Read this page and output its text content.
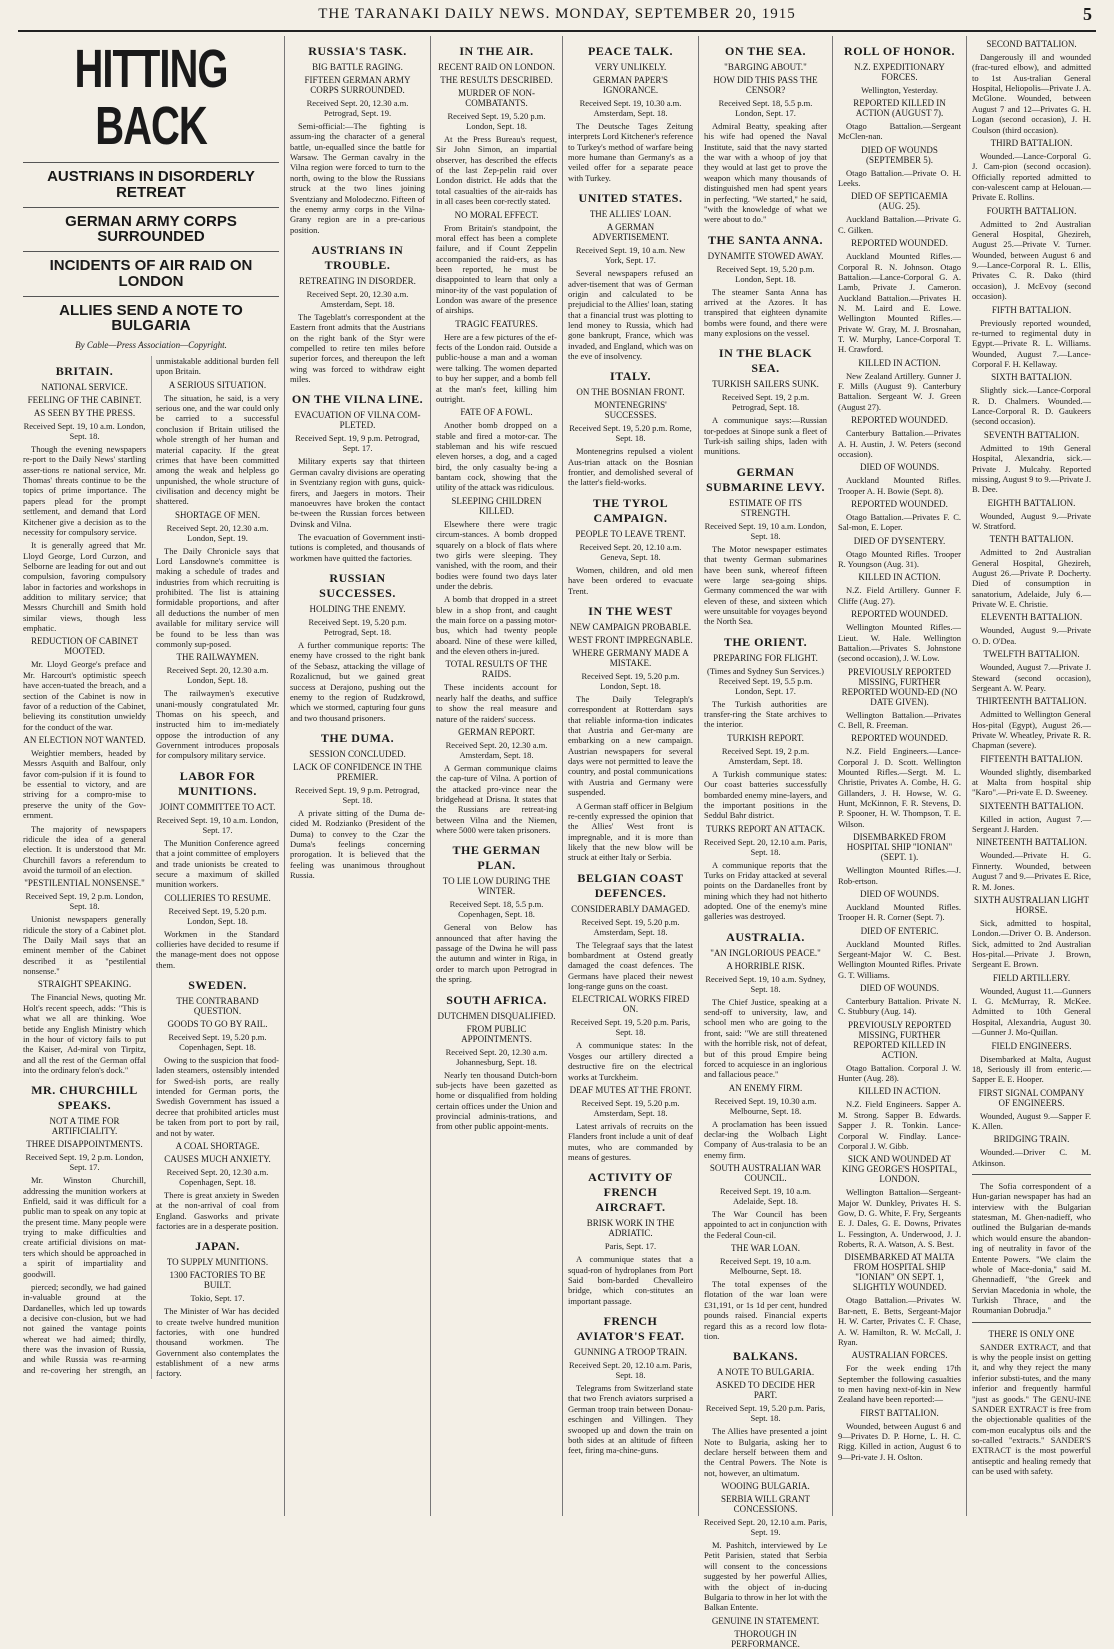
THE TARANAKI DAILY NEWS. MONDAY, SEPTEMBER 20, 1915	5
HITTING BACK
AUSTRIANS IN DISORDERLY RETREAT
GERMAN ARMY CORPS SURROUNDED
INCIDENTS OF AIR RAID ON LONDON
ALLIES SEND A NOTE TO BULGARIA
By Cable—Press Association—Copyright.
BRITAIN.
NATIONAL SERVICE.
FEELING OF THE CABINET.
AS SEEN BY THE PRESS.
Received Sept. 19, 10 a.m. London, Sept. 18.

Though the evening newspapers re-port to the Daily News' startling asser-tions re national service, Mr. Thomas' threats continue to be the topics of prime importance. The papers plead for the prompt settlement, and demand that Lord Kitchener give a decision as to the necessity for compulsory service.

It is generally agreed that Mr. Lloyd George, Lord Curzon, and Selborne are leading for out and out compulsion, favoring compulsory labor in factories and workshops in addition to military service; that Messrs Churchill and Smith hold similar views, though less emphatic.

REDUCTION OF CABINET MOOTED.

Mr. Lloyd George's preface and Mr. Harcourt's optimistic speech have accen-tuated the breach, and a section of the Cabinet is now in favor of a reduction of the Cabinet, believing its constitution unwieldy for the conduct of the war.

AN ELECTION NOT WANTED.

Weightier members, headed by Messrs Asquith and Balfour, only favor com-pulsion if it is found to be essential to victory, and are striving for a compro-mise to preserve the unity of the Gov-ernment.

The majority of newspapers ridicule the idea of a general election. It is understood that Mr. Churchill favors a referendum to avoid the turmoil of an election.

"PESTILENTIAL NONSENSE."
Received Sept. 19, 2 p.m. London, Sept. 18.

Unionist newspapers generally ridicule the story of a Cabinet plot. The Daily Mail says that an eminent member of the Cabinet described it as "pestilential nonsense."

STRAIGHT SPEAKING.

The Financial News, quoting Mr. Holt's recent speech, adds: "This is what we all are thinking. Woe betide any English Ministry which in the hour of victory fails to put the Kaiser, Ad-miral von Tirpitz, and all the rest of the German offal into the ordinary felon's dock."

MR. CHURCHILL SPEAKS.
NOT A TIME FOR ARTIFICIALITY.
THREE DISAPPOINTMENTS.
Received Sept. 19, 2 p.m. London, Sept. 17.

Mr. Winston Churchill, addressing the munition workers at Enfield, said it was difficult for a public man to speak on any topic at the present time. Many people were trying to make difficulties and create artificial divisions on mat-ters which should be approached in a spirit of impartiality and goodwill.

pierced; secondly, we had gained in-valuable ground at the Dardanelles, which led up towards a decisive con-clusion, but we had not gained the vantage points whereat we had aimed; thirdly, there was the invasion of Russia, and while Russia was re-arming and re-covering her strength, an unmistakable additional burden fell upon Britain.

A SERIOUS SITUATION.

The situation, he said, is a very serious one, and the war could only be carried to a successful conclusion if Britain utilised the whole strength of her human and material capacity. If the great crimes that have been committed among the weak and helpless go unpunished, the whole structure of civilisation and decency might be shattered.

SHORTAGE OF MEN.
Received Sept. 20, 12.30 a.m. London, Sept. 19.

The Daily Chronicle says that Lord Lansdowne's committee is making a schedule of trades and industries from which recruiting is prohibited. The list is attaining formidable proportions, and after all deductions the number of men available for military service will be found to be less than was commonly sup-posed.

THE RAILWAYMEN.
Received Sept. 20, 12.30 a.m. London, Sept. 18.

The railwaymen's executive unani-mously congratulated Mr. Thomas on his speech, and instructed him to im-mediately oppose the introduction of any Government introduces proposals for compulsory military service.

LABOR FOR MUNITIONS.
JOINT COMMITTEE TO ACT.
Received Sept. 19, 10 a.m. London, Sept. 17.

The Munition Conference agreed that a joint committee of employers and trade unionists be created to secure a maximum of skilled munition workers.

COLLIERIES TO RESUME.
Received Sept. 19, 5.20 p.m. London, Sept. 18.

Workmen in the Standard collieries have decided to resume if the manage-ment does not oppose them.

SWEDEN.
THE CONTRABAND QUESTION.
GOODS TO GO BY RAIL.
Received Sept. 19, 5.20 p.m. Copenhagen, Sept. 18.

Owing to the suspicion that food-laden steamers, ostensibly intended for Swed-ish ports, are really intended for German ports, the Swedish Government has issued a decree that prohibited articles must be taken from port to port by rail, and not by water.

A COAL SHORTAGE.
CAUSES MUCH ANXIETY.
Received Sept. 20, 12.30 a.m. Copenhagen, Sept. 18.

There is great anxiety in Sweden at the non-arrival of coal from England. Gasworks and private factories are in a desperate position.

JAPAN.
TO SUPPLY MUNITIONS.
1300 FACTORIES TO BE BUILT.
Tokio, Sept. 17.

The Minister of War has decided to create twelve hundred munition factories, with one hundred thousand workmen. The Government also contemplates the establishment of a new arms factory.

RUSSIA'S TASK.
BIG BATTLE RAGING.
FIFTEEN GERMAN ARMY CORPS SURROUNDED.
Received Sept. 20, 12.30 a.m. Petrograd, Sept. 19.

Semi-official:—The fighting is assum-ing the character of a general battle, un-equalled since the battle for Warsaw. The German cavalry in the Vilna region were forced to turn to the north, owing to the blow the Russians struck at the two lines joining Sventziany and Molodeczno. Fifteen of the enemy army corps in the Vilna-Grany region are in a pre-carious position.

AUSTRIANS IN TROUBLE.
RETREATING IN DISORDER.
Received Sept. 20, 12.30 a.m. Amsterdam, Sept. 18.

The Tageblatt's correspondent at the Eastern front admits that the Austrians on the right bank of the Styr were compelled to retire ten miles before superior forces, and thereupon the left wing was forced to withdraw eight miles.

ON THE VILNA LINE.
EVACUATION OF VILNA COM-PLETED.
Received Sept. 19, 9 p.m. Petrograd, Sept. 17.

Military experts say that thirteen German cavalry divisions are operating in Sventziany region with guns, quick-firers, and Jaegers in motors. Their manoeuvres have broken the contact be-tween the Russian forces between Dvinsk and Vilna.

The evacuation of Government insti-tutions is completed, and thousands of workmen have quitted the factories.

RUSSIAN SUCCESSES.
HOLDING THE ENEMY.
Received Sept. 19, 5.20 p.m. Petrograd, Sept. 18.

A further communique reports: The enemy have crossed to the right bank of the Sebasz, attacking the village of Rozalicnud, but we gained great success at Derajono, pushing out the enemy to the region of Rudzkrowd, which we stormed, capturing four guns and two thousand prisoners.

THE DUMA.
SESSION CONCLUDED.
LACK OF CONFIDENCE IN THE PREMIER.
Received Sept. 19, 9 p.m. Petrograd, Sept. 18.

A private sitting of the Duma de-cided M. Rodzianko (President of the Duma) to convey to the Czar the Duma's feelings concerning prorogation. It is believed that the feeling was unanimous throughout Russia.

IN THE AIR.
RECENT RAID ON LONDON.
THE RESULTS DESCRIBED.
MURDER OF NON-COMBATANTS.
Received Sept. 19, 5.20 p.m. London, Sept. 18.

At the Press Bureau's request, Sir John Simon, an impartial observer, has described the effects of the last Zep-pelin raid over London district. He adds that the total casualties of the air-raids has in all cases been cor-rectly stated.

NO MORAL EFFECT.

From Britain's standpoint, the moral effect has been a complete failure, and if Count Zeppelin accompanied the raid-ers, as has been reported, he must be disappointed to learn that only a minor-ity of the vast population of London was aware of the presence of airships.

TRAGIC FEATURES.

Here are a few pictures of the ef-fects of the London raid. Outside a public-house a man and a woman were talking. The women departed to buy her supper, and a bomb fell at the man's feet, killing him outright.

FATE OF A FOWL.

Another bomb dropped on a stable and fired a motor-car. The stableman and his wife rescued eleven horses, a dog, and a caged bird, the only casualty be-ing a bantam cock, showing that the utility of the attack was ridiculous.

SLEEPING CHILDREN KILLED.

Elsewhere there were tragic circum-stances. A bomb dropped squarely on a block of flats where two girls were sleeping. They vanished, with the room, and their bodies were found two days later under the debris.

A bomb that dropped in a street blew in a shop front, and caught the main force on a passing motor-bus, which had twenty people aboard. Nine of these were killed, and the eleven others in-jured.

TOTAL RESULTS OF THE RAIDS.

These incidents account for nearly half the deaths, and suffice to show the real measure and nature of the raiders' success.

GERMAN REPORT.
Received Sept. 20, 12.30 a.m. Amsterdam, Sept. 18.

A German communique claims the cap-ture of Vilna. A portion of the attacked pro-vince near the bridgehead at Drisna. It states that the Russians are retreat-ing between Vilna and the Niemen, where 5000 were taken prisoners.

THE GERMAN PLAN.
TO LIE LOW DURING THE WINTER.
Received Sept. 18, 5.5 p.m. Copenhagen, Sept. 18.

General von Below has announced that after having the passage of the Dwina he will pass the autumn and winter in Riga, in order to march upon Petrograd in the spring.

SOUTH AFRICA.
DUTCHMEN DISQUALIFIED.
FROM PUBLIC APPOINTMENTS.
Received Sept. 20, 12.30 a.m. Johannesburg, Sept. 18.

Nearly ten thousand Dutch-born sub-jects have been gazetted as home or disqualified from holding certain offices under the Union and provincial adminis-trations, and from other public appoint-ments.

PEACE TALK.
VERY UNLIKELY.
GERMAN PAPER'S IGNORANCE.
Received Sept. 19, 10.30 a.m. Amsterdam, Sept. 18.

The Deutsche Tages Zeitung interprets Lord Kitchener's reference to Turkey's method of warfare being more humane than Germany's as a veiled offer for a separate peace with Turkey.

UNITED STATES.
THE ALLIES' LOAN.
A GERMAN ADVERTISEMENT.
Received Sept. 19, 10 a.m. New York, Sept. 17.

Several newspapers refused an adver-tisement that was of German origin and calculated to be prejudicial to the Allies' loan, stating that a financial trust was plotting to lend money to Russia, which had gone bankrupt, France, which was invaded, and England, which was on the eve of insolvency.

ITALY.
ON THE BOSNIAN FRONT.
MONTENEGRINS' SUCCESSES.
Received Sept. 19, 5.20 p.m. Rome, Sept. 18.

Montenegrins repulsed a violent Aus-trian attack on the Bosnian frontier, and demolished several of the latter's field-works.

THE TYROL CAMPAIGN.
PEOPLE TO LEAVE TRENT.
Received Sept. 20, 12.10 a.m. Geneva, Sept. 18.

Women, children, and old men have been ordered to evacuate Trent.

IN THE WEST
NEW CAMPAIGN PROBABLE.
WEST FRONT IMPREGNABLE.
WHERE GERMANY MADE A MISTAKE.
Received Sept. 19, 5.20 p.m. London, Sept. 18.

The Daily Telegraph's correspondent at Rotterdam says that reliable informa-tion indicates that Austria and Ger-many are embarking on a new campaign. Austrian newspapers for several days were not permitted to leave the country, and postal communications with Austria and Germany were suspended.

A German staff officer in Belgium re-cently expressed the opinion that the Allies' West front is impregnable, and it is more than likely that the new blow will be struck at either Italy or Serbia.

BELGIAN COAST DEFENCES.
CONSIDERABLY DAMAGED.
Received Sept. 19, 5.20 p.m. Amsterdam, Sept. 18.

The Telegraaf says that the latest bombardment at Ostend greatly damaged the coast defences. The Germans have placed their newest long-range guns on the coast.

ELECTRICAL WORKS FIRED ON.
Received Sept. 19, 5.20 p.m. Paris, Sept. 18.

A communique states: In the Vosges our artillery directed a destructive fire on the electrical works at Turckheim.

DEAF MUTES AT THE FRONT.
Received Sept. 19, 5.20 p.m. Amsterdam, Sept. 18.

Latest arrivals of recruits on the Flanders front include a unit of deaf mutes, who are commanded by means of gestures.

ACTIVITY OF FRENCH AIRCRAFT.
BRISK WORK IN THE ADRIATIC.
Paris, Sept. 17.

A communique states that a squad-ron of hydroplanes from Port Said bom-barded Chevalleiro bridge, which con-stitutes an important passage.

FRENCH AVIATOR'S FEAT.
GUNNING A TROOP TRAIN.
Received Sept. 20, 12.10 a.m. Paris, Sept. 18.

Telegrams from Switzerland state that two French aviators surprised a German troop train between Donau-eschingen and Villingen. They swooped up and down the train on both sides at an altitude of fifteen feet, firing ma-chine-guns.

ON THE SEA.
"BARGING ABOUT."
HOW DID THIS PASS THE CENSOR?
Received Sept. 18, 5.5 p.m. London, Sept. 17.

Admiral Beatty, speaking after his wife had opened the Naval Institute, said that the navy started the war with a whoop of joy that they would at last get to prove the weapon which many thousands of distinguished men had spent years in perfecting. "We started," he said, "with the knowledge of what we were about to do."

THE SANTA ANNA.
DYNAMITE STOWED AWAY.
Received Sept. 19, 5.20 p.m. London, Sept. 18.

The steamer Santa Anna has arrived at the Azores. It has transpired that eighteen dynamite bombs were found, and there were many explosions on the vessel.

IN THE BLACK SEA.
TURKISH SAILERS SUNK.
Received Sept. 19, 2 p.m. Petrograd, Sept. 18.

A communique says:—Russian tor-pedoes at Sinope sunk a fleet of Turk-ish sailing ships, laden with munitions.

GERMAN SUBMARINE LEVY.
ESTIMATE OF ITS STRENGTH.
Received Sept. 19, 10 a.m. London, Sept. 18.

The Motor newspaper estimates that twenty German submarines have been sunk, whereof fifteen were large sea-going ships. Germany commenced the war with eleven of these, and sixteen which were unsuitable for voyages beyond the North Sea.

THE ORIENT.
PREPARING FOR FLIGHT.
(Times and Sydney Sun Services.) Received Sept. 19, 5.5 p.m. London, Sept. 17.

The Turkish authorities are transfer-ring the State archives to the interior.

TURKISH REPORT.
Received Sept. 19, 2 p.m. Amsterdam, Sept. 18.

A Turkish communique states: Our coast batteries successfully bombarded enemy mine-layers, and the important positions in the Seddul Bahr district.

TURKS REPORT AN ATTACK.
Received Sept. 20, 12.10 a.m. Paris, Sept. 18.

A communique reports that the Turks on Friday attacked at several points on the Dardanelles front by mining which they had not hitherto adopted. One of the enemy's mine galleries was destroyed.

AUSTRALIA.
"AN INGLORIOUS PEACE."
A HORRIBLE RISK.
Received Sept. 19, 10 a.m. Sydney, Sept. 18.

The Chief Justice, speaking at a send-off to university, law, and school men who are going to the front, said: "We are still threatened with the horrible risk, not of defeat, but of this proud Empire being forced to acquiesce in an inglorious and fallacious peace."

AN ENEMY FIRM.
Received Sept. 19, 10.30 a.m. Melbourne, Sept. 18.

A proclamation has been issued declar-ing the Wolbach Light Company of Aus-tralasia to be an enemy firm.

SOUTH AUSTRALIAN WAR COUNCIL.
Received Sept. 19, 10 a.m. Adelaide, Sept. 18.

The War Council has been appointed to act in conjunction with the Federal Coun-cil.

THE WAR LOAN.
Received Sept. 19, 10 a.m. Melbourne, Sept. 18.

The total expenses of the flotation of the war loan were £31,191, or 1s 1d per cent, hundred pounds raised. Financial experts regard this as a record low flota-tion.

BALKANS.
A NOTE TO BULGARIA.
ASKED TO DECIDE HER PART.
Received Sept. 19, 5.20 p.m. Paris, Sept. 18.

The Allies have presented a joint Note to Bulgaria, asking her to declare herself between them and the Central Powers. The Note is not, however, an ultimatum.

WOOING BULGARIA.
SERBIA WILL GRANT CONCESSIONS.
Received Sept. 20, 12.10 a.m. Paris, Sept. 19.

M. Pashitch, interviewed by Le Petit Parisien, stated that Serbia will consent to the concessions suggested by her powerful Allies, with the object of in-ducing Bulgaria to throw in her lot with the Balkan Entente.

GENUINE IN STATEMENT.
THOROUGH IN PERFORMANCE.
ROLL OF HONOR.
N.Z. EXPEDITIONARY FORCES.
Wellington, Yesterday.
REPORTED KILLED IN ACTION (AUGUST 7).

Otago Battalion.—Sergeant McClen-nan.

DIED OF WOUNDS (SEPTEMBER 5).

Otago Battalion.—Private O. H. Leeks.

DIED OF SEPTICAEMIA (AUG. 25).

Auckland Battalion.—Private G. C. Gilken.

REPORTED WOUNDED.

Auckland Mounted Rifles.—Corporal R. N. Johnson. Otago Battalion.—Lance-Corporal G. A. Lamb, Private J. Cameron. Auckland Battalion.—Privates H. N. M. Laird and E. Lowe. Wellington Mounted Rifles.—Private W. Gray, M. J. Brosnahan, T. W. Murphy, Lance-Corporal T. H. Crawford.

KILLED IN ACTION.

New Zealand Artillery. Gunner J. F. Mills (August 9). Canterbury Battalion. Sergeant W. J. Green (August 27).

REPORTED WOUNDED.

Canterbury Battalion.—Privates A. H. Austin, J. W. Peters (second occasion).

DIED OF WOUNDS.

Auckland Mounted Rifles. Trooper A. H. Bowie (Sept. 8).

REPORTED WOUNDED.

Otago Battalion.—Privates F. C. Sal-mon, E. Loper.

DIED OF DYSENTERY.

Otago Mounted Rifles. Trooper R. Youngson (Aug. 31).

KILLED IN ACTION.

N.Z. Field Artillery. Gunner F. Cliffe (Aug. 27).

REPORTED WOUNDED.

Wellington Mounted Rifles.—Lieut. W. Hale. Wellington Battalion.—Privates S. Johnstone (second occasion), J. W. Low.

PREVIOUSLY REPORTED MISSING, FURTHER REPORTED WOUND-ED (NO DATE GIVEN).

Wellington Battalion.—Privates C. Bell, R. Freeman.

REPORTED WOUNDED.

N.Z. Field Engineers.—Lance-Corporal J. D. Scott. Wellington Mounted Rifles.—Sergt. M. L. Christie, Privates A. Combe, H. G. Gillanders, J. H. Howse, W. G. Hunt, McKinnon, F. R. Stevens, D. P. Spooner, H. W. Thompson, T. E. Wilson.

DISEMBARKED FROM HOSPITAL SHIP "IONIAN" (SEPT. 1).

Wellington Mounted Rifles.—J. Rob-ertson.

DIED OF WOUNDS.

Auckland Mounted Rifles. Trooper H. R. Corner (Sept. 7).

DIED OF ENTERIC.

Auckland Mounted Rifles. Sergeant-Major W. C. Best. Wellington Mounted Rifles. Private G. T. Williams.

DIED OF WOUNDS.

Canterbury Battalion. Private N. C. Stubbury (Aug. 14).

PREVIOUSLY REPORTED MISSING, FURTHER REPORTED KILLED IN ACTION.

Otago Battalion. Corporal J. W. Hunter (Aug. 28).

KILLED IN ACTION.

N.Z. Field Engineers. Sapper A. M. Strong. Sapper B. Edwards. Sapper J. R. Tonkin. Lance-Corporal W. Findlay. Lance-Corporal J. W. Gibb.

SICK AND WOUNDED AT KING GEORGE'S HOSPITAL, LONDON.

Wellington Battalion—Sergeant-Major W. Dunkley, Privates H. S. Gow, D. G. White, F. Fry, Sergeants E. J. Dales, G. E. Downs, Privates L. Fessington, A. Underwood, J. J. Roberts, R. A. Watson, A. S. Best.

DISEMBARKED AT MALTA FROM HOSPITAL SHIP "IONIAN" ON SEPT. 1, SLIGHTLY WOUNDED.

Otago Battalion.—Privates W. Bar-nett, E. Betts, Sergeant-Major H. W. Carter, Privates C. F. Chase, A. W. Hamilton, R. W. McCall, J. Ryan.

AUSTRALIAN FORCES.

For the week ending 17th September the following casualties to men having next-of-kin in New Zealand have been reported:—

FIRST BATTALION.

Wounded, between August 6 and 9—Privates D. P. Horne, L. H. C. Rigg. Killed in action, August 6 to 9—Pri-vate J. H. Oslton.

SECOND BATTALION.

Dangerously ill and wounded (frac-tured elbow), and admitted to 1st Aus-tralian General Hospital, Heliopolis—Private J. A. McGlone. Wounded, between August 7 and 12—Privates G. H. Logan (second occasion), J. H. Coulson (third occasion).

THIRD BATTALION.

Wounded.—Lance-Corporal G. J. Cam-pion (second occasion). Officially reported admitted to con-valescent camp at Helouan.—Private E. Rollins.

FOURTH BATTALION.

Admitted to 2nd Australian General Hospital, Ghezireh, August 25.—Private V. Turner. Wounded, between August 6 and 9.—Lance-Corporal R. L. Ellis, Privates C. R. Dako (third occasion), J. McEvoy (second occasion).

FIFTH BATTALION.

Previously reported wounded, re-turned to regimental duty in Egypt.—Private R. L. Williams. Wounded, August 7.—Lance-Corporal F. H. Kellaway.

SIXTH BATTALION.

Slightly sick.—Lance-Corporal R. D. Chalmers. Wounded.—Lance-Corporal R. D. Gaukeers (second occasion).

SEVENTH BATTALION.

Admitted to 19th General Hospital, Alexandria, sick.—Private J. Mulcahy. Reported missing, August 9 to 9.—Private J. B. Dee.

EIGHTH BATTALION.

Wounded, August 9.—Private W. Stratford.

TENTH BATTALION.

Admitted to 2nd Australian General Hospital, Ghezireh, August 26.—Private P. Docherty. Died of consumption in sanatorium, Adelaide, July 6.—Private W. E. Christie.

ELEVENTH BATTALION.

Wounded, August 9.—Private O. D. O'Dea.

TWELFTH BATTALION.

Wounded, August 7.—Private J. Steward (second occasion), Sergeant A. W. Peary.

THIRTEENTH BATTALION.

Admitted to Wellington General Hos-pital (Egypt), August 26.—Private W. Wheatley, Private R. R. Chapman (severe).

FIFTEENTH BATTALION.

Wounded slightly, disembarked at Malta from hospital ship "Karo".—Pri-vate E. D. Sweeney.

SIXTEENTH BATTALION.

Killed in action, August 7.—Sergeant J. Harden.

NINETEENTH BATTALION.

Wounded.—Private H. G. Finnerty. Wounded, between August 7 and 9.—Privates E. Rice, R. M. Jones.

SIXTH AUSTRALIAN LIGHT HORSE.

Sick, admitted to hospital, London.—Driver O. B. Anderson. Sick, admitted to 2nd Australian Hos-pital.—Private J. Brown, Sergeant E. Brown.

FIELD ARTILLERY.

Wounded, August 11.—Gunners I. G. McMurray, R. McKee. Admitted to 10th General Hospital, Alexandria, August 30.—Gunner J. Mo-Quillan.

FIELD ENGINEERS.

Disembarked at Malta, August 18, Seriously ill from enteric.—Sapper E. E. Hooper.

FIRST SIGNAL COMPANY OF ENGINEERS.

Wounded, August 9.—Sapper F. K. Allen.

BRIDGING TRAIN.

Wounded.—Driver C. M. Atkinson.

The Sofia correspondent of a Hun-garian newspaper has had an interview with the Bulgarian statesman, M. Ghen-nadieff, who outlined the Bulgarian de-mands which would ensure the abandon-ing of neutrality in favor of the Entente Powers. "We claim the whole of Mace-donia," said M. Ghennadieff, "the Greek and Servian Macedonia in whole, the Turkish Thrace, and the Roumanian Dobrudja."

THERE IS ONLY ONE

SANDER EXTRACT, and that is why the people insist on getting it, and why they reject the many inferior substi-tutes, and the many inferior and frequently harmful "just as goods." The GENU-INE SANDER EXTRACT is free from the objectionable qualities of the com-mon eucalyptus oils and the so-called "extracts." SANDER'S EXTRACT is the most powerful antiseptic and healing remedy that can be used with safety.
